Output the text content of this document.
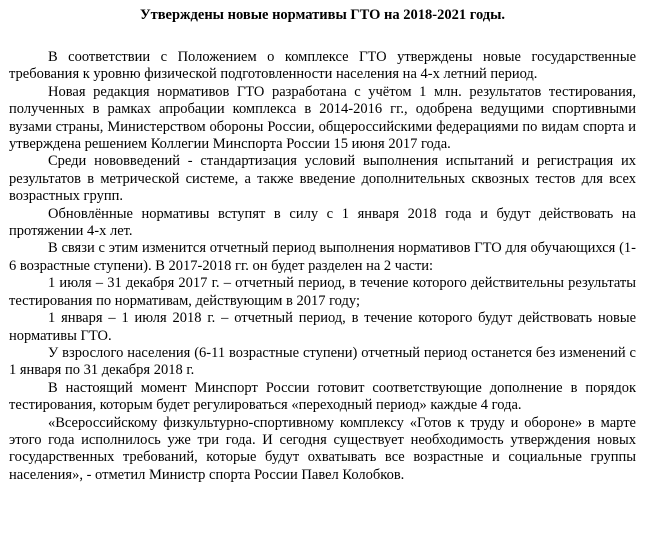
Утверждены новые нормативы ГТО на 2018-2021 годы.

В соответствии с Положением о комплексе ГТО утверждены новые государственные требования к уровню физической подготовленности населения на 4-х летний период.

Новая редакция нормативов ГТО разработана с учётом 1 млн. результатов тестирования, полученных в рамках апробации комплекса в 2014-2016 гг., одобрена ведущими спортивными вузами страны, Министерством обороны России, общероссийскими федерациями по видам спорта и утверждена решением Коллегии Минспорта России 15 июня 2017 года.

Среди нововведений - стандартизация условий выполнения испытаний и регистрация их результатов в метрической системе, а также введение дополнительных сквозных тестов для всех возрастных групп.

Обновлённые нормативы вступят в силу с 1 января 2018 года и будут действовать на протяжении 4-х лет.

В связи с этим изменится отчетный период выполнения нормативов ГТО для обучающихся (1-6 возрастные ступени). В 2017-2018 гг. он будет разделен на 2 части:

1 июля – 31 декабря 2017 г. – отчетный период, в течение которого действительны результаты тестирования по нормативам, действующим в 2017 году;

1 января – 1 июля 2018 г. – отчетный период, в течение которого будут действовать новые нормативы ГТО.

У взрослого населения (6-11 возрастные ступени) отчетный период останется без изменений с 1 января по 31 декабря 2018 г.

В настоящий момент Минспорт России готовит соответствующие дополнение в порядок тестирования, которым будет регулироваться «переходный период» каждые 4 года.

«Всероссийскому физкультурно-спортивному комплексу «Готов к труду и обороне» в марте этого года исполнилось уже три года. И сегодня существует необходимость утверждения новых государственных требований, которые будут охватывать все возрастные и социальные группы населения», - отметил Министр спорта России Павел Колобков.
